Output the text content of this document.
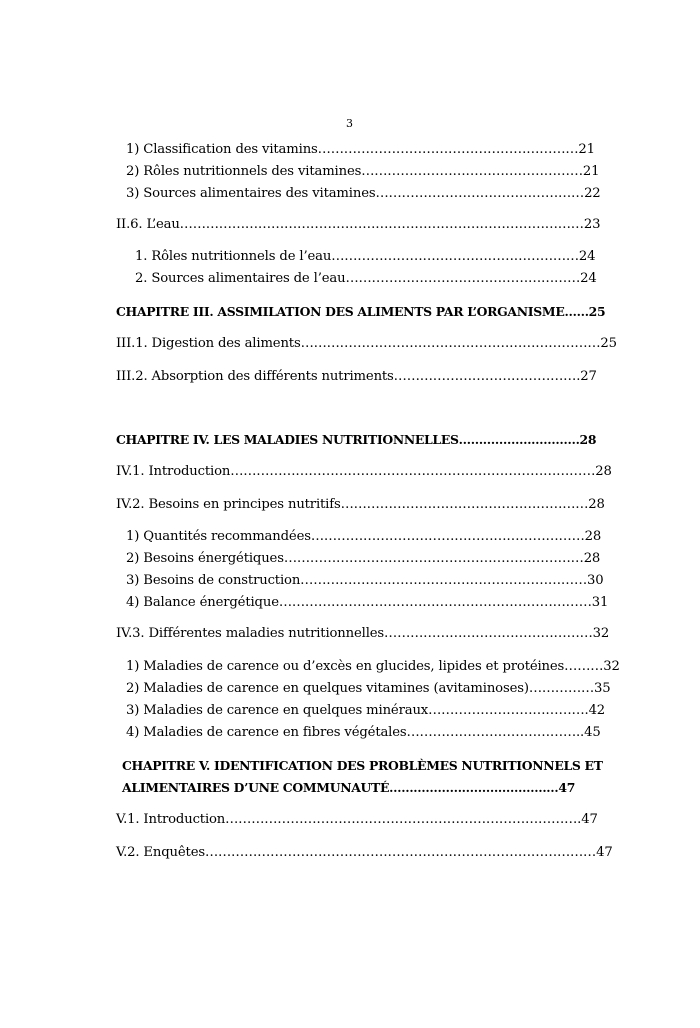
3
1) Classification des vitamins……………………………………………………21
2) Rôles nutritionnels des vitamines……………………………………………21
3) Sources alimentaires des vitamines…………………………………………22
II.6. L’eau…………………………………………………………………………………23
1. Rôles nutritionnels de l’eau…………………………………………………24
2. Sources alimentaires de l’eau………………………………………………24
CHAPITRE III. ASSIMILATION DES ALIMENTS PAR L’ORGANISME……25
III.1. Digestion des aliments……………………………………………………………25
III.2. Absorption des différents nutriments…………………………………….27
CHAPITRE IV. LES MALADIES NUTRITIONNELLES…………………………28
IV.1. Introduction…………………………………………………………………………28
IV.2. Besoins en principes nutritifs…………………………………………………28
1) Quantités recommandées………………………………………………………28
2) Besoins énergétiques……………………………………………………………28
3) Besoins de construction…………………………………………………………30
4) Balance énergétique………………………………………………………………31
IV.3. Différentes maladies nutritionnelles…………………………………………32
1) Maladies de carence ou d’excès en glucides, lipides et protéines………32
2) Maladies de carence en quelques vitamines (avitaminoses)……………35
3) Maladies de carence en quelques minéraux……………………………….42
4) Maladies de carence en fibres végétales…………………………………..45
CHAPITRE V. IDENTIFICATION DES PROBLÈMES NUTRITIONNELS ET
ALIMENTAIRES D’UNE COMMUNAUTÉ……………………………………47
V.1. Introduction……………………………………………………………………….47
V.2. Enquêtes………………………………………………………………………………47
